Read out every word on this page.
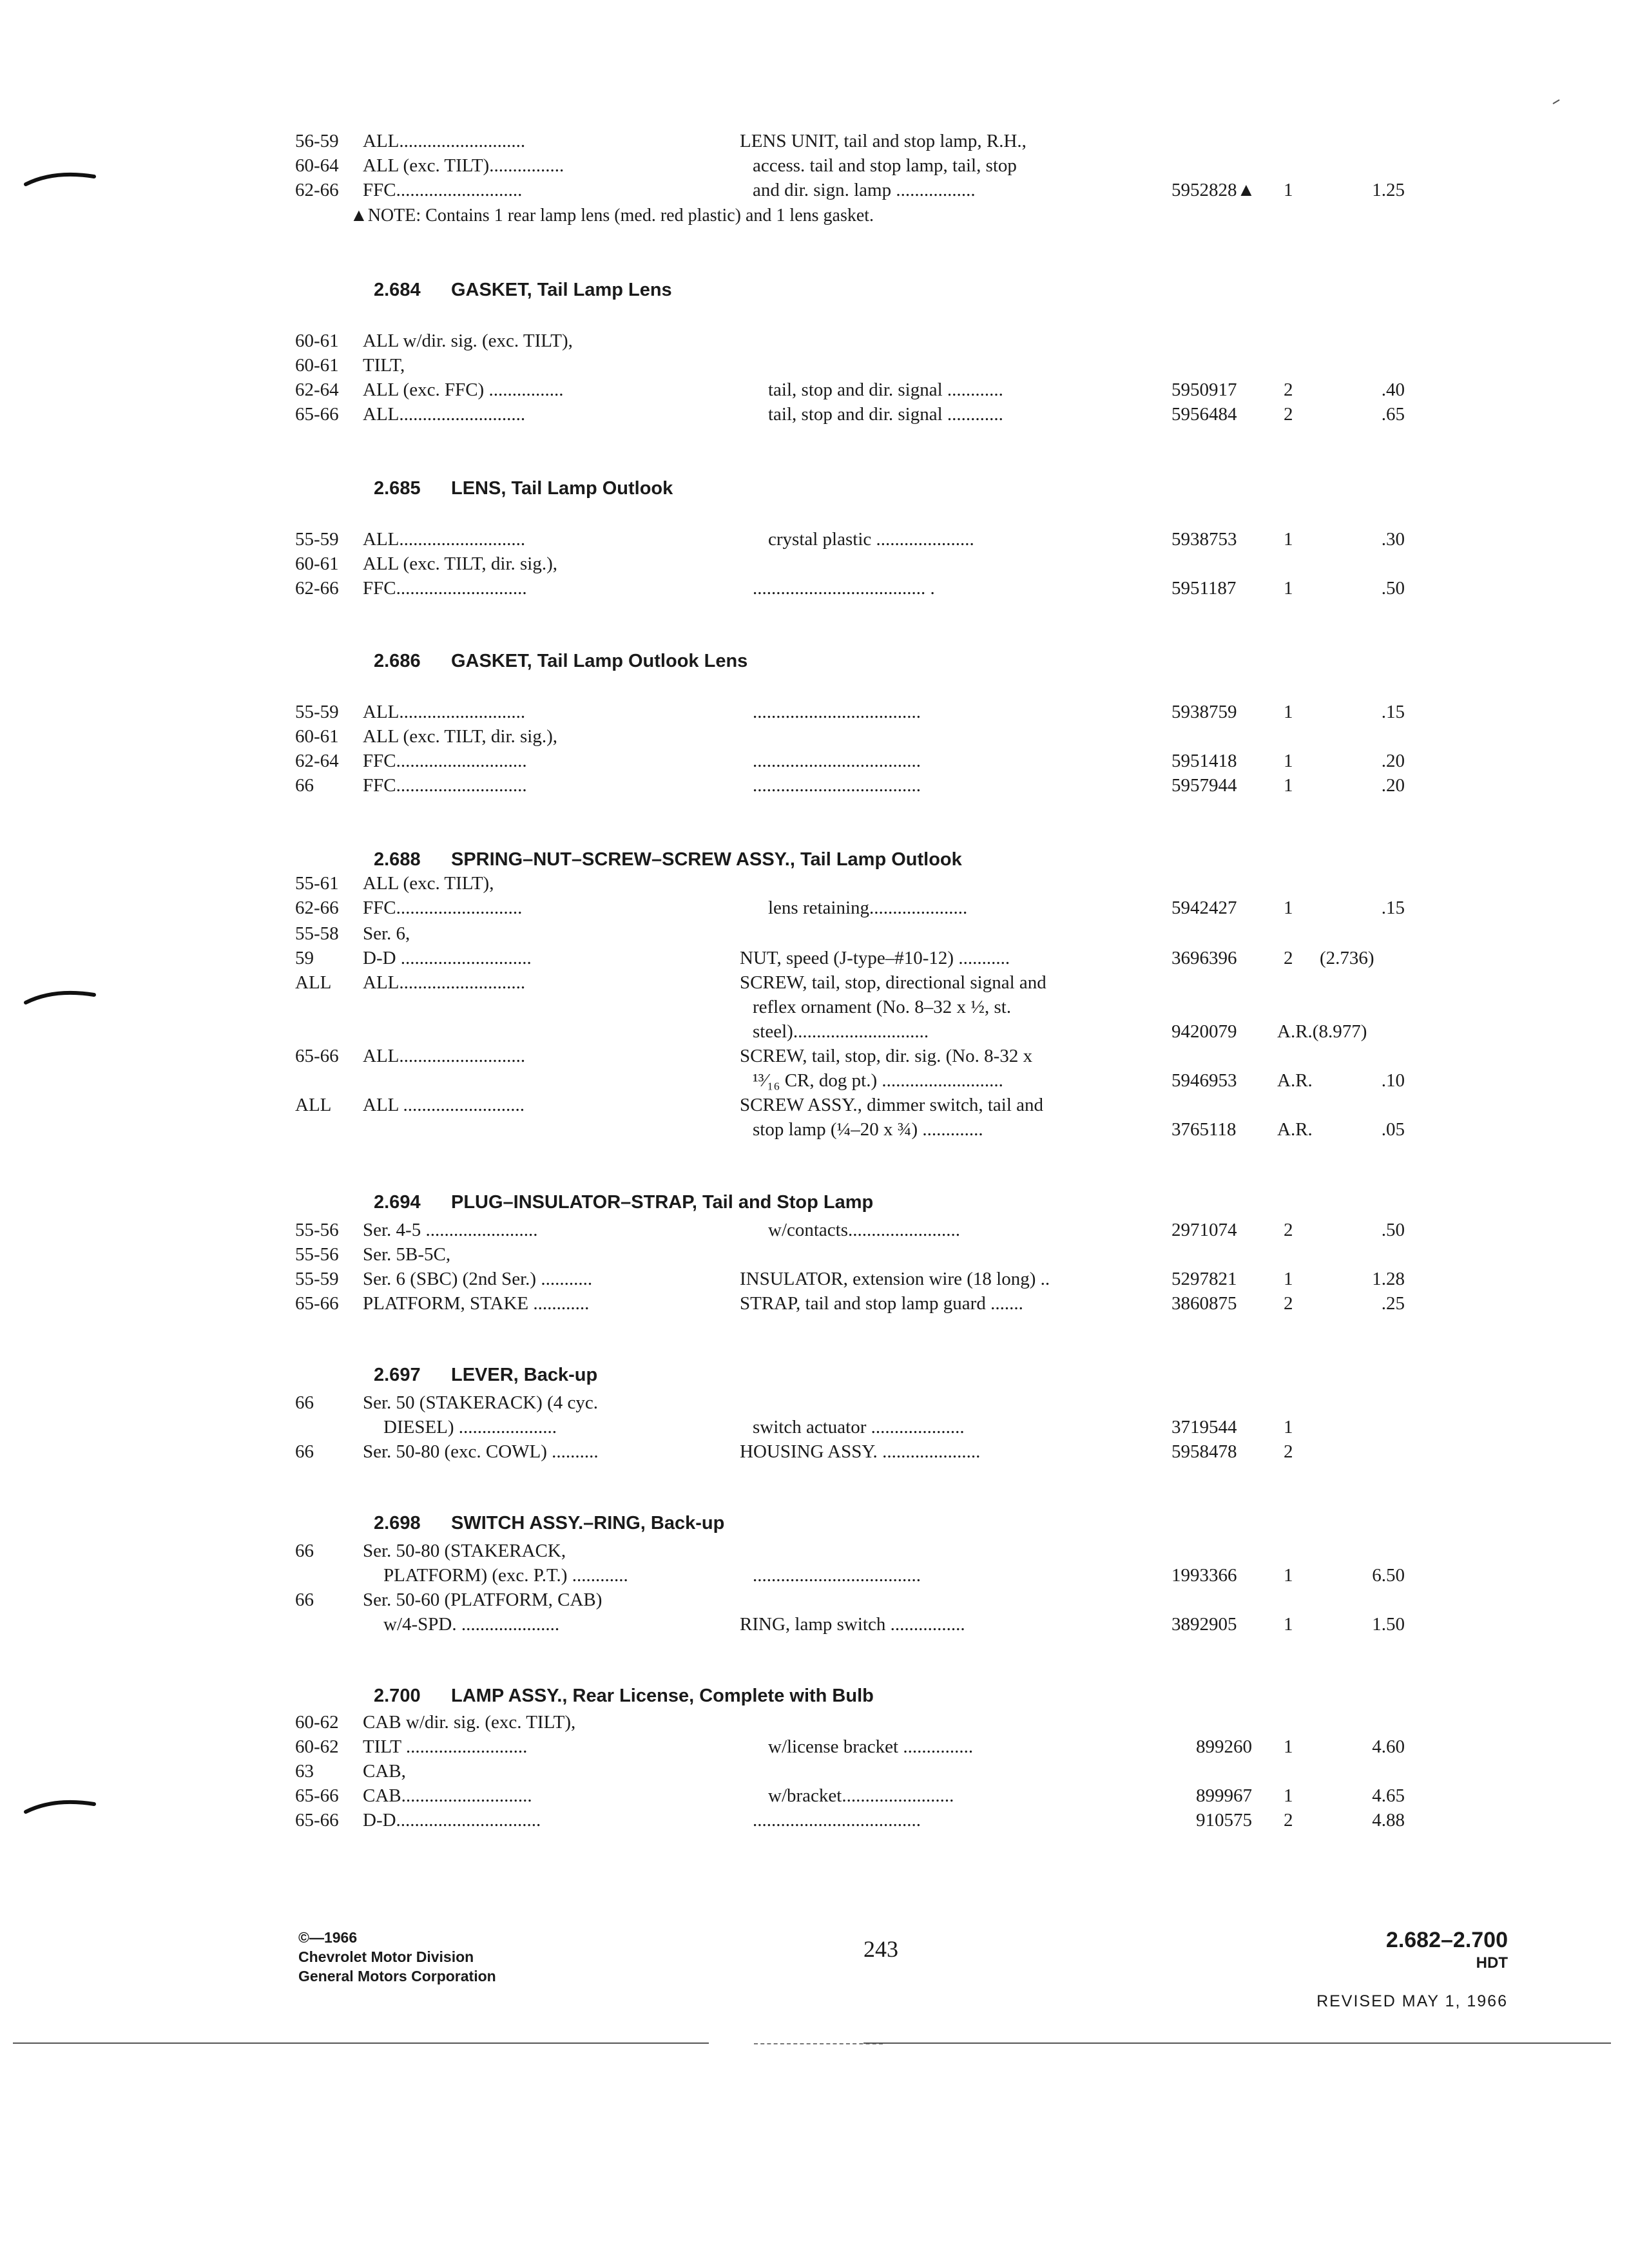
56-59 ALL...........................	LENS UNIT, tail and stop lamp, R.H.,
60-64 ALL (exc. TILT)................	access. tail and stop lamp, tail, stop
62-66 FFC...........................	and dir. sign. lamp .................	5952828▲ 1	1.25
▲NOTE: Contains 1 rear lamp lens (med. red plastic) and 1 lens gasket.
2.684 GASKET, Tail Lamp Lens
60-61 ALL w/dir. sig. (exc. TILT),
60-61 TILT,
62-64 ALL (exc. FFC) ................	tail, stop and dir. signal ............	5950917	2	.40
65-66 ALL...........................	tail, stop and dir. signal ............	5956484	2	.65
2.685 LENS, Tail Lamp Outlook
55-59 ALL...........................	crystal plastic .....................	5938753	1	.30
60-61 ALL (exc. TILT, dir. sig.),
62-66 FFC............................	..................................... .	5951187	1	.50
2.686 GASKET, Tail Lamp Outlook Lens
55-59 ALL...........................	....................................	5938759	1	.15
60-61 ALL (exc. TILT, dir. sig.),
62-64 FFC............................	....................................	5951418	1	.20
66	FFC............................	....................................	5957944	1	.20
2.688 SPRING–NUT–SCREW–SCREW ASSY., Tail Lamp Outlook
55-61 ALL (exc. TILT),
62-66 FFC...........................	lens retaining.....................	5942427	1	.15
55-58 Ser. 6,
59	D-D ............................	NUT, speed (J-type–#10-12) ...........	3696396	2 (2.736)
ALL ALL...........................	SCREW, tail, stop, directional signal and
reflex ornament (No. 8–32 x ½, st.
steel).............................	9420079 A.R.(8.977)
65-66 ALL...........................	SCREW, tail, stop, dir. sig. (No. 8-32 x
¹³⁄₁₆ CR, dog pt.) ..........................	5946953 A.R.	.10
ALL ALL ..........................	SCREW ASSY., dimmer switch, tail and
stop lamp (¼–20 x ¾) .............	3765118 A.R.	.05
2.694 PLUG–INSULATOR–STRAP, Tail and Stop Lamp
55-56 Ser. 4-5 ........................	w/contacts........................	2971074	2	.50
55-56 Ser. 5B-5C,
55-59 Ser. 6 (SBC) (2nd Ser.) ...........	INSULATOR, extension wire (18 long) ..	5297821	1	1.28
65-66 PLATFORM, STAKE ............	STRAP, tail and stop lamp guard .......	3860875	2	.25
2.697 LEVER, Back-up
66	Ser. 50 (STAKERACK) (4 cyc.
DIESEL) .....................	switch actuator ....................	3719544	1
66	Ser. 50-80 (exc. COWL) ..........	HOUSING ASSY. .....................	5958478	2
2.698 SWITCH ASSY.–RING, Back-up
66	Ser. 50-80 (STAKERACK,
PLATFORM) (exc. P.T.) ............	....................................	1993366	1	6.50
66	Ser. 50-60 (PLATFORM, CAB)
w/4-SPD. .....................	RING, lamp switch ................	3892905	1	1.50
2.700 LAMP ASSY., Rear License, Complete with Bulb
60-62 CAB w/dir. sig. (exc. TILT),
60-62 TILT ..........................	w/license bracket ...............	899260 1	4.60
63	CAB,
65-66 CAB............................	w/bracket........................	899967 1	4.65
65-66 D-D...............................	....................................	910575 2	4.88
©—1966
Chevrolet Motor Division
General Motors Corporation
243	2.682–2.700
HDT
REVISED MAY 1, 1966
